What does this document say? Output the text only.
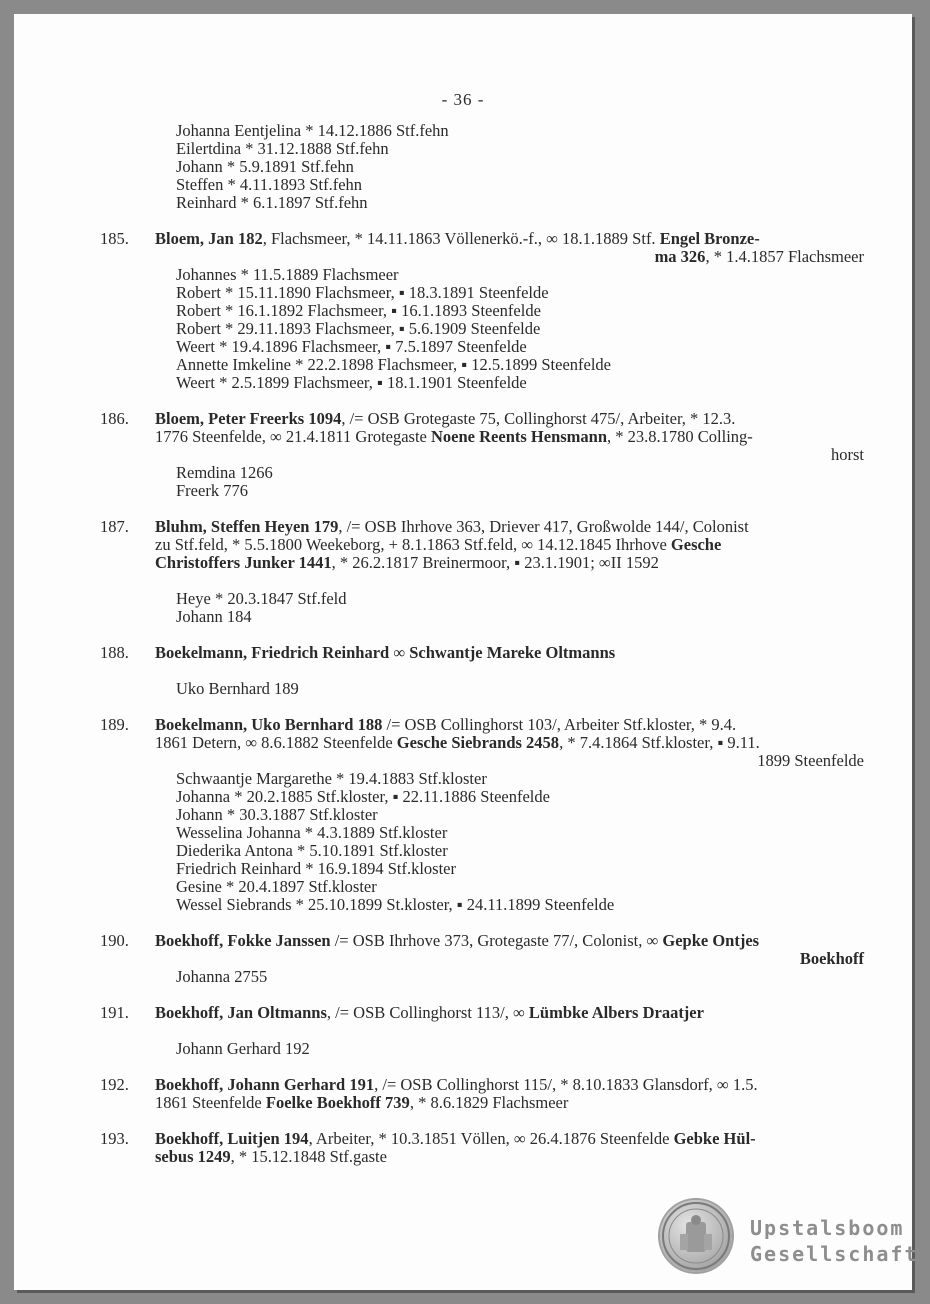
- 36 -
Johanna Eentjelina * 14.12.1886 Stf.fehn
Eilertdina * 31.12.1888 Stf.fehn
Johann * 5.9.1891 Stf.fehn
Steffen * 4.11.1893 Stf.fehn
Reinhard * 6.1.1897 Stf.fehn
185. Bloem, Jan 182, Flachsmeer, * 14.11.1863 Völlenerkö.-f., ∞ 18.1.1889 Stf. Engel Bronze-
ma 326, * 1.4.1857 Flachsmeer
Johannes * 11.5.1889 Flachsmeer
Robert * 15.11.1890 Flachsmeer, ▪ 18.3.1891 Steenfelde
Robert * 16.1.1892 Flachsmeer, ▪ 16.1.1893 Steenfelde
Robert * 29.11.1893 Flachsmeer, ▪ 5.6.1909 Steenfelde
Weert * 19.4.1896 Flachsmeer, ▪ 7.5.1897 Steenfelde
Annette Imkeline * 22.2.1898 Flachsmeer, ▪ 12.5.1899 Steenfelde
Weert * 2.5.1899 Flachsmeer, ▪ 18.1.1901 Steenfelde
186. Bloem, Peter Freerks 1094, /= OSB Grotegaste 75, Collinghorst 475/, Arbeiter, * 12.3.
1776 Steenfelde, ∞ 21.4.1811 Grotegaste Noene Reents Hensmann, * 23.8.1780 Colling-
horst
Remdina 1266
Freerk 776
187. Bluhm, Steffen Heyen 179, /= OSB Ihrhove 363, Driever 417, Großwolde 144/, Colonist
zu Stf.feld, * 5.5.1800 Weekeborg, + 8.1.1863 Stf.feld, ∞ 14.12.1845 Ihrhove Gesche
Christoffers Junker 1441, * 26.2.1817 Breinermoor, ▪ 23.1.1901; ∞II 1592
Heye * 20.3.1847 Stf.feld
Johann 184
188. Boekelmann, Friedrich Reinhard ∞ Schwantje Mareke Oltmanns
Uko Bernhard 189
189. Boekelmann, Uko Bernhard 188 /= OSB Collinghorst 103/, Arbeiter Stf.kloster, * 9.4.
1861 Detern, ∞ 8.6.1882 Steenfelde Gesche Siebrands 2458, * 7.4.1864 Stf.kloster, ▪ 9.11.
1899 Steenfelde
Schwaantje Margarethe * 19.4.1883 Stf.kloster
Johanna * 20.2.1885 Stf.kloster, ▪ 22.11.1886 Steenfelde
Johann * 30.3.1887 Stf.kloster
Wesselina Johanna * 4.3.1889 Stf.kloster
Diederika Antona * 5.10.1891 Stf.kloster
Friedrich Reinhard * 16.9.1894 Stf.kloster
Gesine * 20.4.1897 Stf.kloster
Wessel Siebrands * 25.10.1899 St.kloster, ▪ 24.11.1899 Steenfelde
190. Boekhoff, Fokke Janssen /= OSB Ihrhove 373, Grotegaste 77/, Colonist, ∞ Gepke Ontjes
Boekhoff
Johanna 2755
191. Boekhoff, Jan Oltmanns, /= OSB Collinghorst 113/, ∞ Lümbke Albers Draatjer
Johann Gerhard 192
192. Boekhoff, Johann Gerhard 191, /= OSB Collinghorst 115/, * 8.10.1833 Glansdorf, ∞ 1.5.
1861 Steenfelde Foelke Boekhoff 739, * 8.6.1829 Flachsmeer
193. Boekhoff, Luitjen 194, Arbeiter, * 10.3.1851 Völlen, ∞ 26.4.1876 Steenfelde Gebke Hül-
sebus 1249, * 15.12.1848 Stf.gaste
Upstalsboom
Gesellschaft
